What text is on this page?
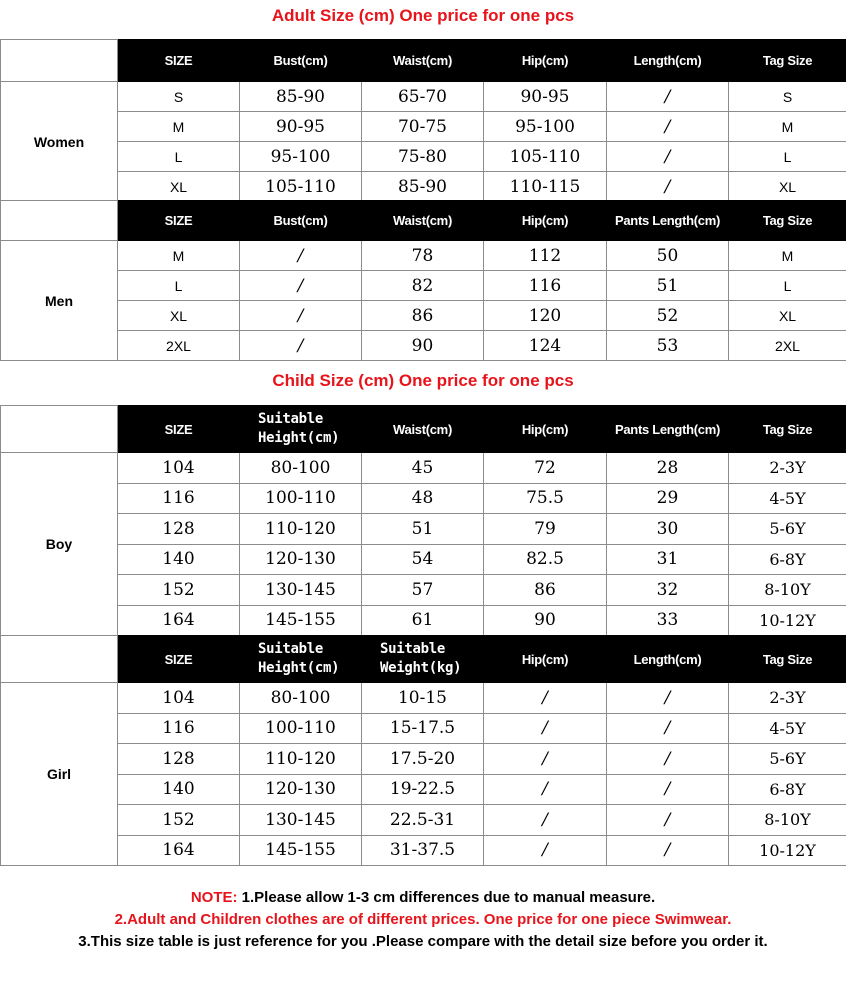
Adult Size (cm) One price for one pcs
	SIZE	Bust(cm)	Waist(cm)	Hip(cm)	Length(cm)	Tag Size
Women	S	85-90	65-70	90-95	/	S
	M	90-95	70-75	95-100	/	M
	L	95-100	75-80	105-110	/	L
	XL	105-110	85-90	110-115	/	XL
	SIZE	Bust(cm)	Waist(cm)	Hip(cm)	Pants Length(cm)	Tag Size
Men	M	/	78	112	50	M
	L	/	82	116	51	L
	XL	/	86	120	52	XL
	2XL	/	90	124	53	2XL
Child Size (cm) One price for one pcs
	SIZE	Suitable Height(cm)	Waist(cm)	Hip(cm)	Pants Length(cm)	Tag Size
Boy	104	80-100	45	72	28	2-3Y
	116	100-110	48	75.5	29	4-5Y
	128	110-120	51	79	30	5-6Y
	140	120-130	54	82.5	31	6-8Y
	152	130-145	57	86	32	8-10Y
	164	145-155	61	90	33	10-12Y
	SIZE	Suitable Height(cm)	Suitable Weight(kg)	Hip(cm)	Length(cm)	Tag Size
Girl	104	80-100	10-15	/	/	2-3Y
	116	100-110	15-17.5	/	/	4-5Y
	128	110-120	17.5-20	/	/	5-6Y
	140	120-130	19-22.5	/	/	6-8Y
	152	130-145	22.5-31	/	/	8-10Y
	164	145-155	31-37.5	/	/	10-12Y
NOTE: 1.Please allow 1-3 cm differences due to manual measure.
2.Adult and Children clothes are of different prices. One price for one piece Swimwear.
3.This size table is just reference for you .Please compare with the detail size before you order it.
